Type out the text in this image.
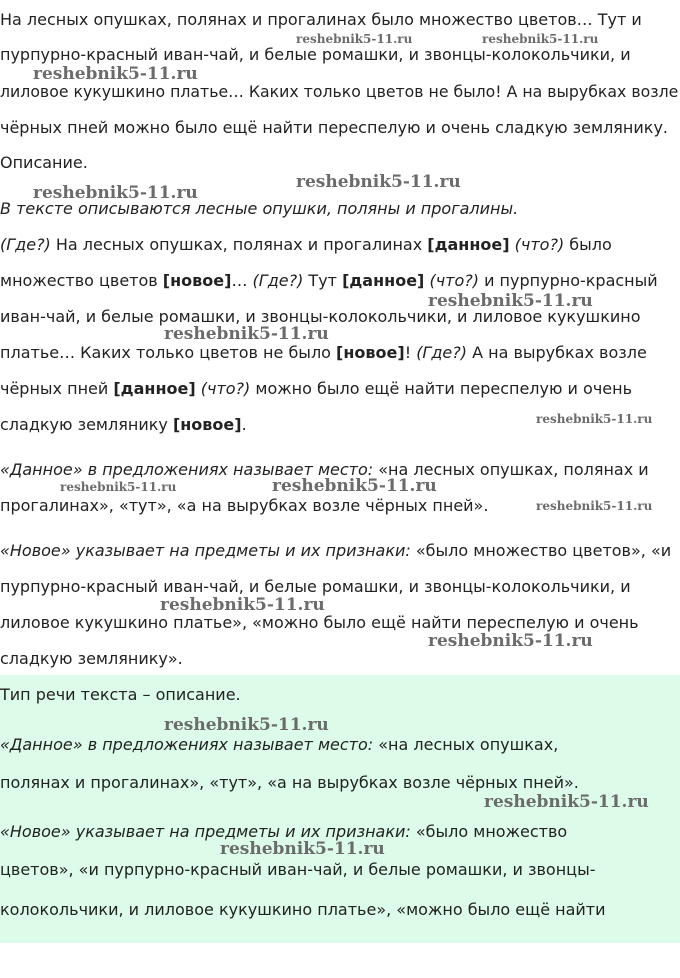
На лесных опушках, полянах и прогалинах было множество цветов… Тут и
пурпурно-красный иван-чай, и белые ромашки, и звонцы-колокольчики, и
лиловое кукушкино платье… Каких только цветов не было! А на вырубках возле
чёрных пней можно было ещё найти переспелую и очень сладкую землянику.
Описание.
В тексте описываются лесные опушки, поляны и прогалины.
(Где?) На лесных опушках, полянах и прогалинах [данное] (что?) было
множество цветов [новое]… (Где?) Тут [данное] (что?) и пурпурно-красный
иван-чай, и белые ромашки, и звонцы-колокольчики, и лиловое кукушкино
платье… Каких только цветов не было [новое]! (Где?) А на вырубках возле
чёрных пней [данное] (что?) можно было ещё найти переспелую и очень
сладкую землянику [новое].
«Данное» в предложениях называет место: «на лесных опушках, полянах и
прогалинах», «тут», «а на вырубках возле чёрных пней».
«Новое» указывает на предметы и их признаки: «было множество цветов», «и
пурпурно-красный иван-чай, и белые ромашки, и звонцы-колокольчики, и
лиловое кукушкино платье», «можно было ещё найти переспелую и очень
сладкую землянику».
Тип речи текста – описание.
«Данное» в предложениях называет место: «на лесных опушках,
полянах и прогалинах», «тут», «а на вырубках возле чёрных пней».
«Новое» указывает на предметы и их признаки: «было множество
цветов», «и пурпурно-красный иван-чай, и белые ромашки, и звонцы-
колокольчики, и лиловое кукушкино платье», «можно было ещё найти
reshebnik5-11.ru	reshebnik5-11.ru
reshebnik5-11.ru
reshebnik5-11.ru
reshebnik5-11.ru
reshebnik5-11.ru
reshebnik5-11.ru
reshebnik5-11.ru
reshebnik5-11.ru	reshebnik5-11.ru
reshebnik5-11.ru
reshebnik5-11.ru
reshebnik5-11.ru
reshebnik5-11.ru
reshebnik5-11.ru
reshebnik5-11.ru
